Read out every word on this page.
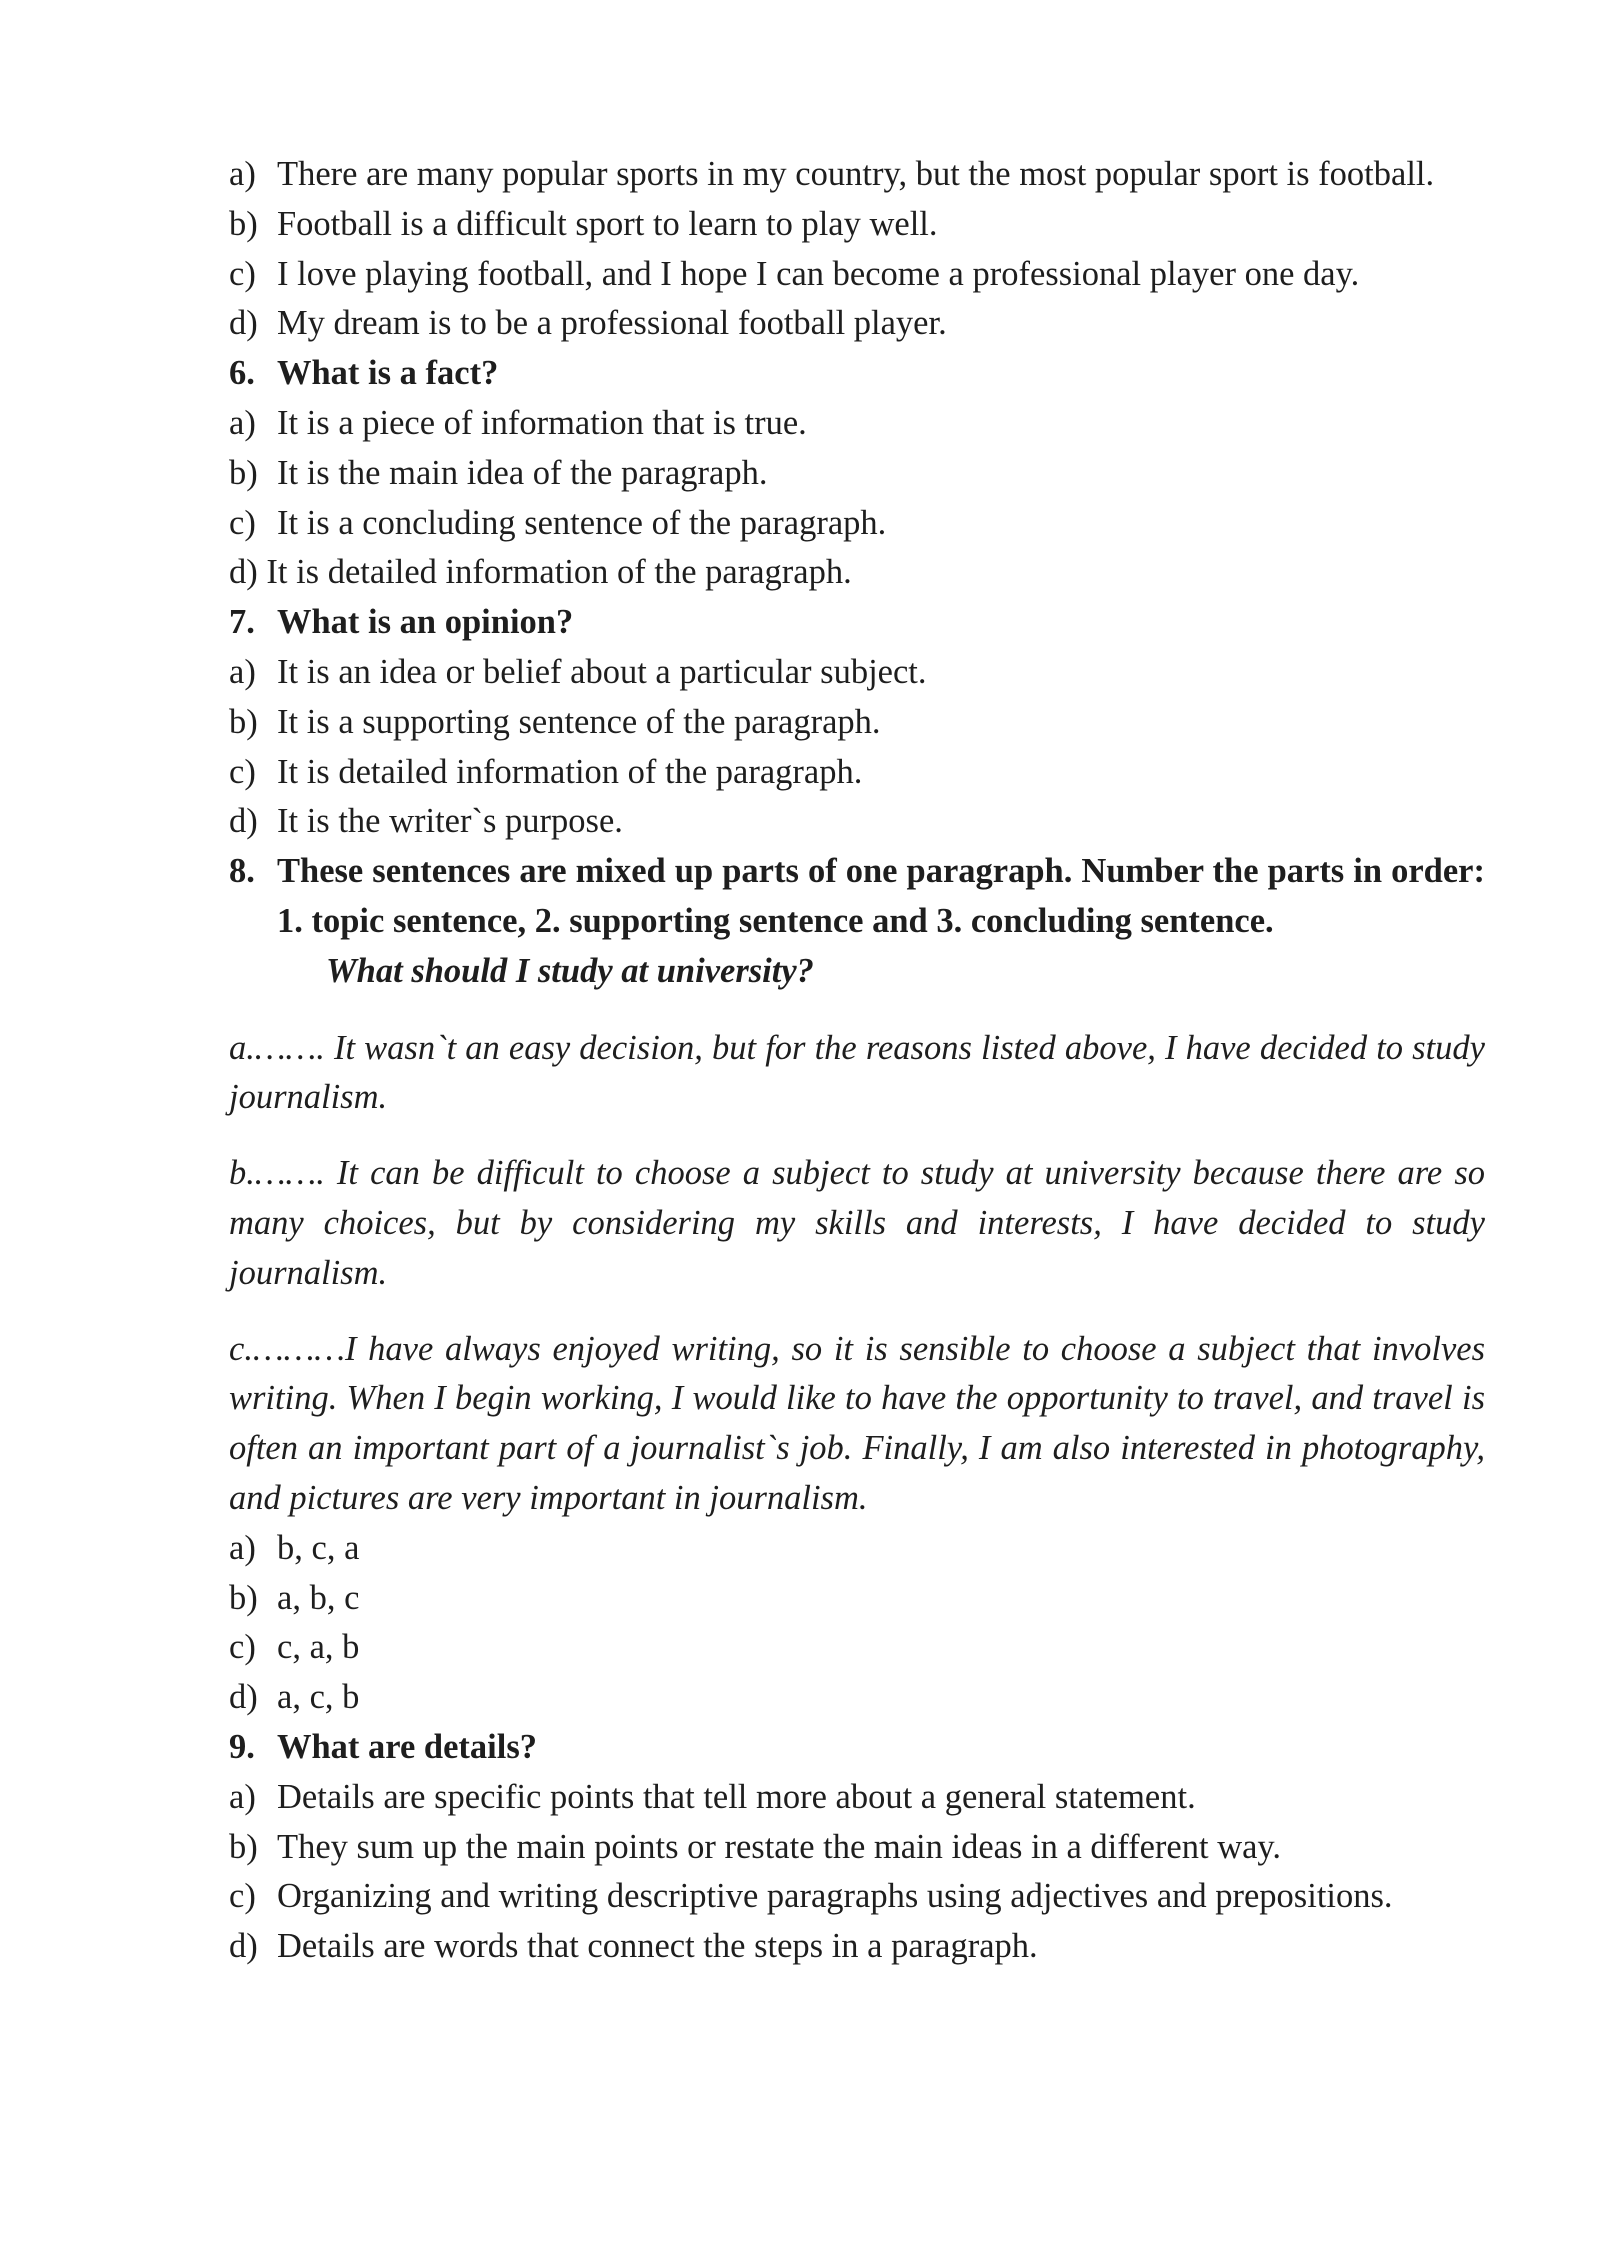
a) There are many popular sports in my country, but the most popular sport is football.
b) Football is a difficult sport to learn to play well.
c) I love playing football, and I hope I can become a professional player one day.
d) My dream is to be a professional football player.
6. What is a fact?
a) It is a piece of information that is true.
b) It is the main idea of the paragraph.
c) It is a concluding sentence of the paragraph.
d)
It is detailed information of the paragraph.
7. What is an opinion?
a) It is an idea or belief about a particular subject.
b) It is a supporting sentence of the paragraph.
c) It is detailed information of the paragraph.
d) It is the writer`s purpose.
8. These sentences are mixed up parts of one paragraph. Number the parts in order: 1. topic sentence, 2. supporting sentence and 3. concluding sentence.
What should I study at university?
a.……. It wasn`t an easy decision, but for the reasons listed above, I have decided to study journalism.
b.……. It can be difficult to choose a subject to study at university because there are so many choices, but by considering my skills and interests, I have decided to study journalism.
c.………I have always enjoyed writing, so it is sensible to choose a subject that involves writing. When I begin working, I would like to have the opportunity to travel, and travel is often an important part of a journalist`s job. Finally, I am also interested in photography, and pictures are very important in journalism.
a) b, c, a
b) a, b, c
c) c, a, b
d) a, c, b
9. What are details?
a) Details are specific points that tell more about a general statement.
b) They sum up the main points or restate the main ideas in a different way.
c) Organizing and writing descriptive paragraphs using adjectives and prepositions.
d) Details are words that connect the steps in a paragraph.
